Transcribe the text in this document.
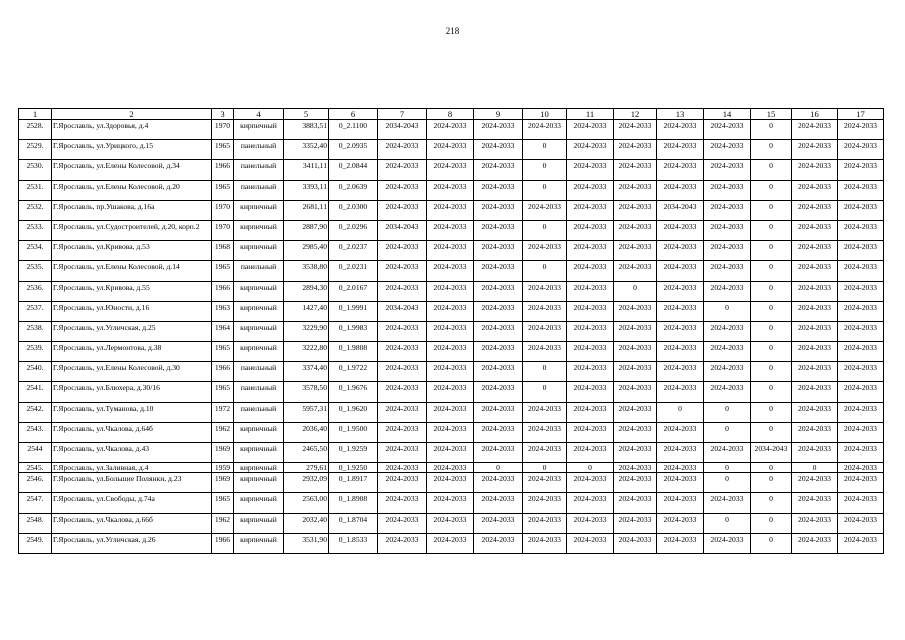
218
1	2	3	4	5	6	7	8	9	10	11	12	13	14	15	16	17
2528.	Г.Ярославль, ул.Здоровья, д.4	1970	кирпичный	3883,51	0_2.1100	2034-2043	2024-2033	2024-2033	2024-2033	2024-2033	2024-2033	2024-2033	2024-2033	0	2024-2033	2024-2033
2529.	Г.Ярославль, ул.Урицкого, д.15	1965	панельный	3352,40	0_2.0935	2024-2033	2024-2033	2024-2033	0	2024-2033	2024-2033	2024-2033	2024-2033	0	2024-2033	2024-2033
2530.	Г.Ярославль, ул.Елены Колесовой, д.34	1966	панельный	3411,11	0_2.0844	2024-2033	2024-2033	2024-2033	0	2024-2033	2024-2033	2024-2033	2024-2033	0	2024-2033	2024-2033
2531.	Г.Ярославль, ул.Елены Колесовой, д.20	1965	панельный	3393,11	0_2.0639	2024-2033	2024-2033	2024-2033	0	2024-2033	2024-2033	2024-2033	2024-2033	0	2024-2033	2024-2033
2532.	Г.Ярославль, пр.Ушакова, д.16а	1970	кирпичный	2681,11	0_2.0300	2024-2033	2024-2033	2024-2033	2024-2033	2024-2033	2024-2033	2034-2043	2024-2033	0	2024-2033	2024-2033
2533.	Г.Ярославль, ул.Судостроителей, д.20, корп.2	1970	кирпичный	2887,90	0_2.0296	2034-2043	2024-2033	2024-2033	0	2024-2033	2024-2033	2024-2033	2024-2033	0	2024-2033	2024-2033
2534.	Г.Ярославль, ул.Кривова, д.53	1968	кирпичный	2985,40	0_2.0237	2024-2033	2024-2033	2024-2033	2024-2033	2024-2033	2024-2033	2024-2033	2024-2033	0	2024-2033	2024-2033
2535.	Г.Ярославль, ул.Елены Колесовой, д.14	1965	панельный	3538,80	0_2.0231	2024-2033	2024-2033	2024-2033	0	2024-2033	2024-2033	2024-2033	2024-2033	0	2024-2033	2024-2033
2536.	Г.Ярославль, ул.Кривова, д.55	1966	кирпичный	2894,30	0_2.0167	2024-2033	2024-2033	2024-2033	2024-2033	2024-2033	0	2024-2033	2024-2033	0	2024-2033	2024-2033
2537.	Г.Ярославль, ул.Юности, д.16	1963	кирпичный	1427,40	0_1.9991	2034-2043	2024-2033	2024-2033	2024-2033	2024-2033	2024-2033	2024-2033	0	0	2024-2033	2024-2033
2538.	Г.Ярославль, ул.Угличская, д.25	1964	кирпичный	3229,90	0_1.9983	2024-2033	2024-2033	2024-2033	2024-2033	2024-2033	2024-2033	2024-2033	2024-2033	0	2024-2033	2024-2033
2539.	Г.Ярославль, ул.Лермонтова, д.38	1965	кирпичный	3222,80	0_1.9808	2024-2033	2024-2033	2024-2033	2024-2033	2024-2033	2024-2033	2024-2033	2024-2033	0	2024-2033	2024-2033
2540.	Г.Ярославль, ул.Елены Колесовой, д.30	1966	панельный	3374,40	0_1.9722	2024-2033	2024-2033	2024-2033	0	2024-2033	2024-2033	2024-2033	2024-2033	0	2024-2033	2024-2033
2541.	Г.Ярославль, ул.Блюхера, д.30/16	1965	панельный	3578,50	0_1.9676	2024-2033	2024-2033	2024-2033	0	2024-2033	2024-2033	2024-2033	2024-2033	0	2024-2033	2024-2033
2542.	Г.Ярославль, ул.Туманова, д.10	1972	панельный	5957,31	0_1.9620	2024-2033	2024-2033	2024-2033	2024-2033	2024-2033	2024-2033	0	0	0	2024-2033	2024-2033
2543.	Г.Ярославль, ул.Чкалова, д.64б	1962	кирпичный	2036,40	0_1.9500	2024-2033	2024-2033	2024-2033	2024-2033	2024-2033	2024-2033	2024-2033	0	0	2024-2033	2024-2033
2544	Г.Ярославль, ул.Чкалова, д.43	1969	кирпичный	2465,50	0_1.9259	2024-2033	2024-2033	2024-2033	2024-2033	2024-2033	2024-2033	2024-2033	2024-2033	2034-2043	2024-2033	2024-2033
2545.	Г.Ярославль, ул.Заливная, д.4	1959	кирпичный	279,61	0_1.9250	2024-2033	2024-2033	0	0	0	2024-2033	2024-2033	0	0	0	2024-2033
2546.	Г.Ярославль, ул.Большие Полянки, д.23	1969	кирпичный	2932,09	0_1.8917	2024-2033	2024-2033	2024-2033	2024-2033	2024-2033	2024-2033	2024-2033	0	0	2024-2033	2024-2033
2547.	Г.Ярославль, ул.Свободы, д.74а	1965	кирпичный	2563,00	0_1.8908	2024-2033	2024-2033	2024-2033	2024-2033	2024-2033	2024-2033	2024-2033	2024-2033	0	2024-2033	2024-2033
2548.	Г.Ярославль, ул.Чкалова, д.66б	1962	кирпичный	2032,40	0_1.8704	2024-2033	2024-2033	2024-2033	2024-2033	2024-2033	2024-2033	2024-2033	0	0	2024-2033	2024-2033
2549.	Г.Ярославль, ул.Угличская, д.26	1966	кирпичный	3531,90	0_1.8533	2024-2033	2024-2033	2024-2033	2024-2033	2024-2033	2024-2033	2024-2033	2024-2033	0	2024-2033	2024-2033
